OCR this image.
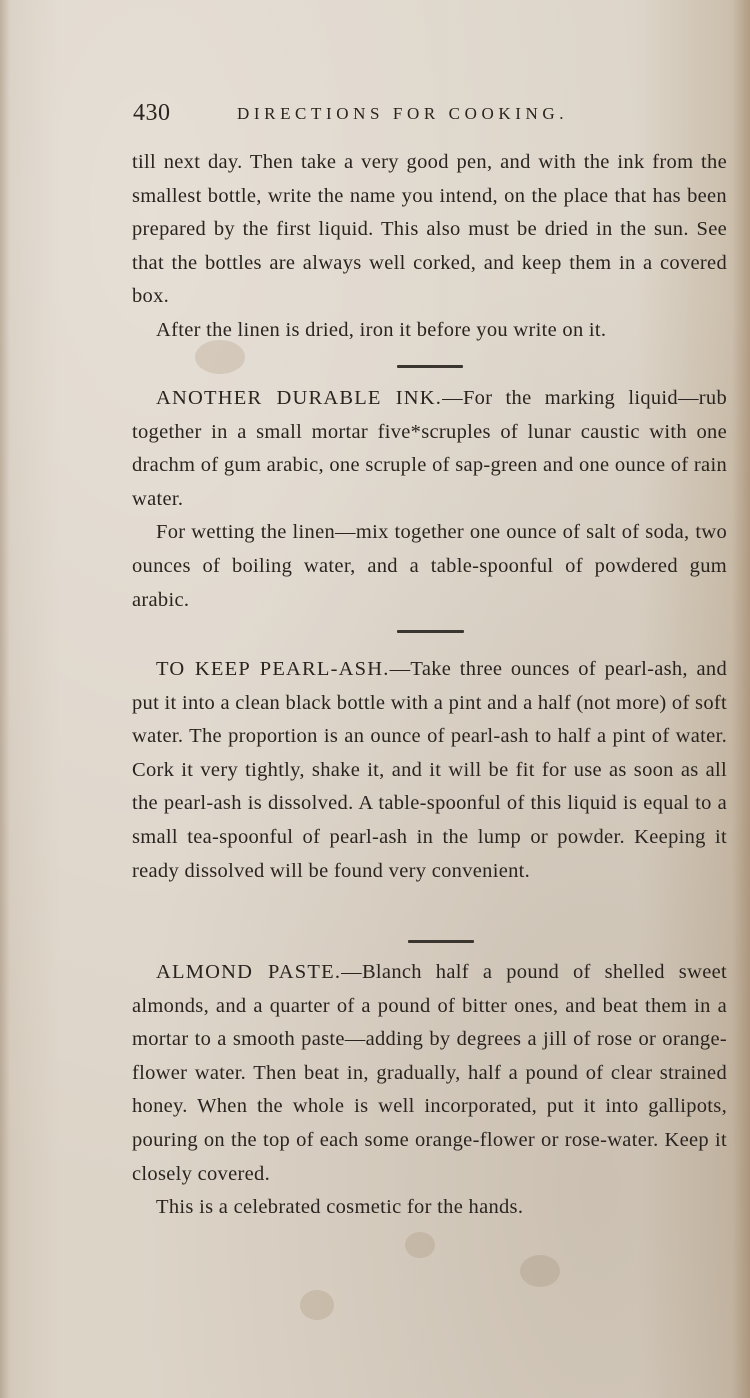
430	DIRECTIONS FOR COOKING.

till next day. Then take a very good pen, and with the ink from the smallest bottle, write the name you intend, on the place that has been prepared by the first liquid. This also must be dried in the sun. See that the bottles are always well corked, and keep them in a covered box.

After the linen is dried, iron it before you write on it.

ANOTHER DURABLE INK.—For the marking liquid—rub together in a small mortar five*scruples of lunar caustic with one drachm of gum arabic, one scruple of sap-green and one ounce of rain water.

For wetting the linen—mix together one ounce of salt of soda, two ounces of boiling water, and a table-spoonful of powdered gum arabic.

TO KEEP PEARL-ASH.—Take three ounces of pearl-ash, and put it into a clean black bottle with a pint and a half (not more) of soft water. The proportion is an ounce of pearl-ash to half a pint of water. Cork it very tightly, shake it, and it will be fit for use as soon as all the pearl-ash is dissolved. A table-spoonful of this liquid is equal to a small tea-spoonful of pearl-ash in the lump or powder. Keeping it ready dissolved will be found very convenient.

ALMOND PASTE.—Blanch half a pound of shelled sweet almonds, and a quarter of a pound of bitter ones, and beat them in a mortar to a smooth paste—adding by degrees a jill of rose or orange-flower water. Then beat in, gradually, half a pound of clear strained honey. When the whole is well incorporated, put it into gallipots, pouring on the top of each some orange-flower or rose-water. Keep it closely covered.

This is a celebrated cosmetic for the hands.
